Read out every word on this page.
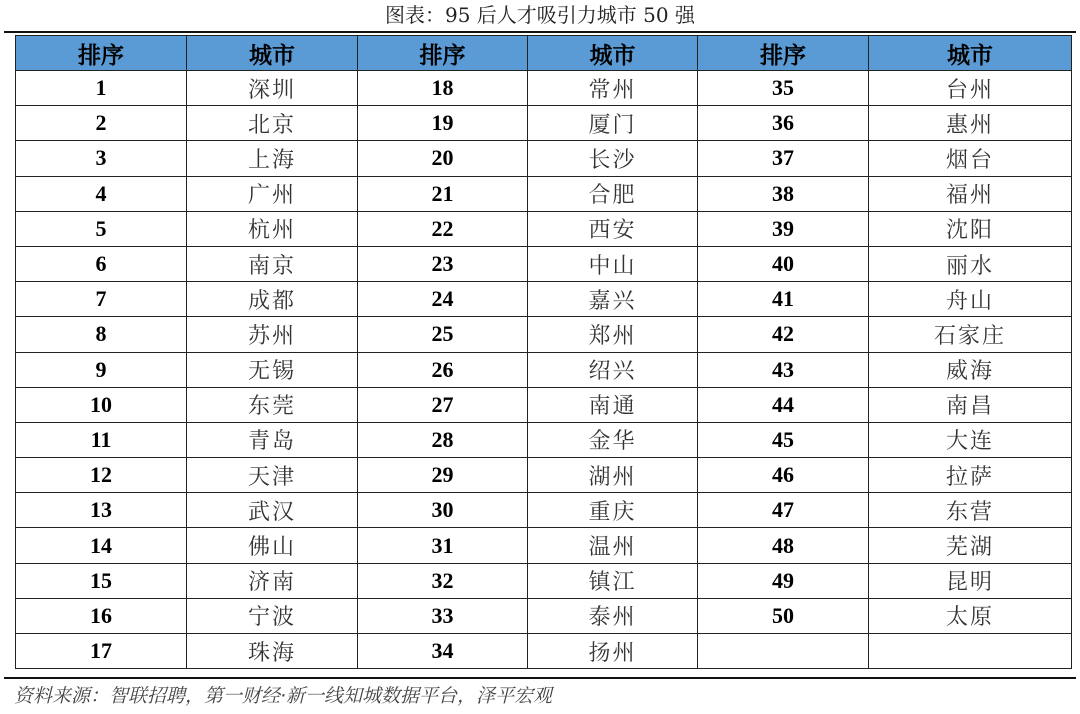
图表：95 后人才吸引力城市 50 强
排序	城市	排序	城市	排序	城市
1	深圳	18	常州	35	台州
2	北京	19	厦门	36	惠州
3	上海	20	长沙	37	烟台
4	广州	21	合肥	38	福州
5	杭州	22	西安	39	沈阳
6	南京	23	中山	40	丽水
7	成都	24	嘉兴	41	舟山
8	苏州	25	郑州	42	石家庄
9	无锡	26	绍兴	43	威海
10	东莞	27	南通	44	南昌
11	青岛	28	金华	45	大连
12	天津	29	湖州	46	拉萨
13	武汉	30	重庆	47	东营
14	佛山	31	温州	48	芜湖
15	济南	32	镇江	49	昆明
16	宁波	33	泰州	50	太原
17	珠海	34	扬州		
资料来源：智联招聘，第一财经·新一线知城数据平台，泽平宏观
